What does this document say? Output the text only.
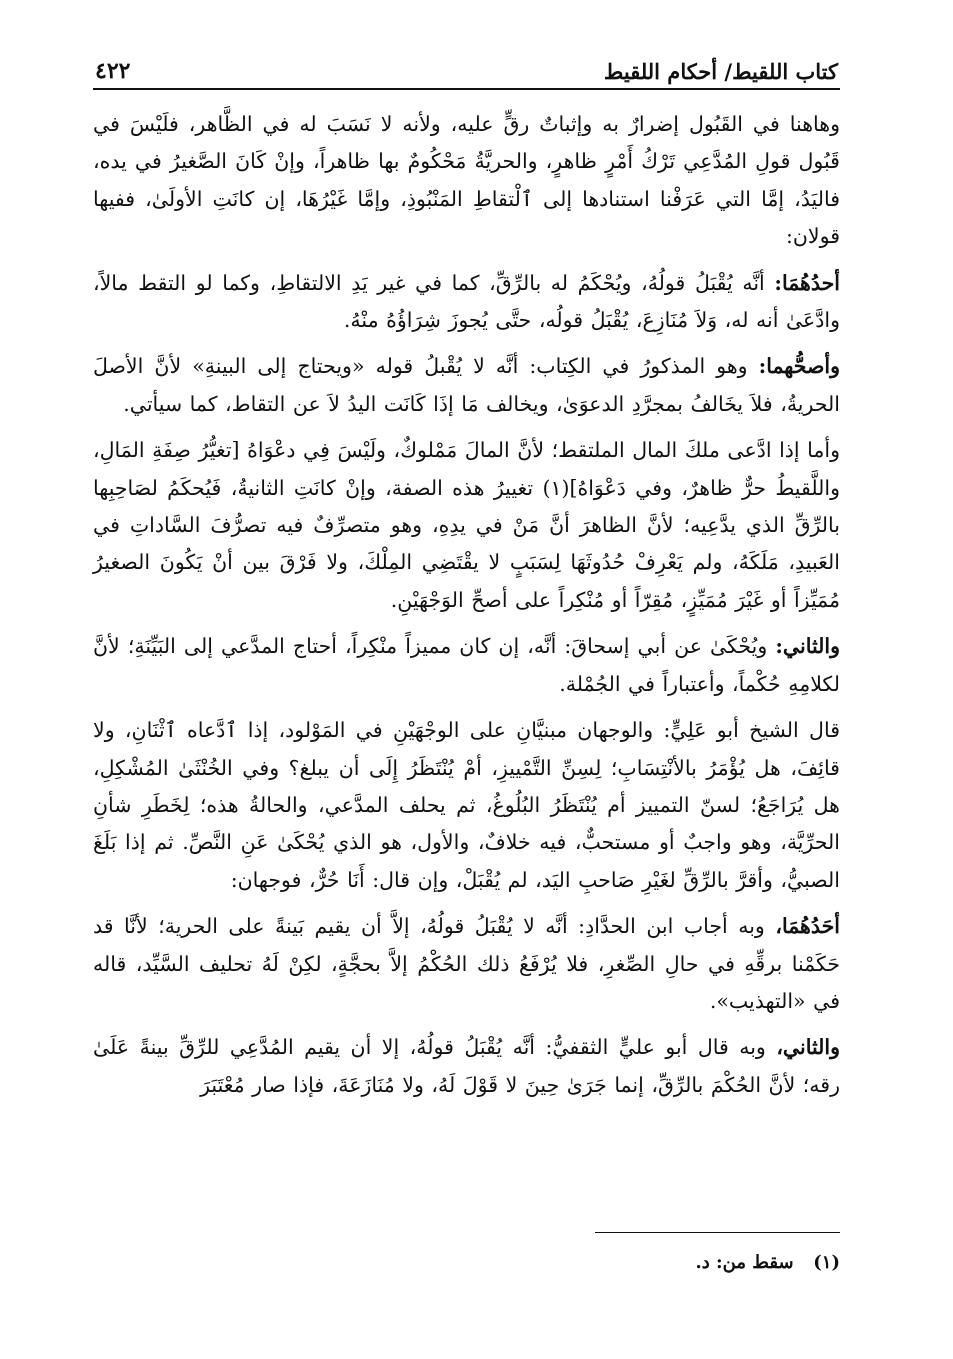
كتاب اللقيط/ أحكام اللقيط
٤٢٢

وهاهنا في القَبُول إضرارٌ به وإثباتٌ رقٍّ عليه، ولأنه لا نَسَبَ له في الظَّاهر، فلَيْسَ في قَبُول قولِ المُدَّعِي تَرْكُ أَمْرٍ ظاهرٍ، والحريَّةُ مَحْكُومٌ بها ظاهراً، وإنْ كَانَ الصَّغيرُ في يده، فاليَدُ، إمَّا التي عَرَفْنا استنادها إلى ٱلْتقاطِ المَنْبُوذِ، وإمَّا غَيْرُهَا، إن كانَتِ الأولَىٰ، ففيها قولان:

أحدُهُمَا: أنَّه يُقْبَلُ قولُهُ، ويُحْكَمُ له بالرِّقِّ، كما في غير يَدِ الالتقاطِ، وكما لو التقط مالاً، وادَّعَىٰ أنه له، وَلاَ مُنَازِعَ، يُقْبَلُ قولُه، حتَّى يُجوزَ شِرَاؤُهُ منْهُ.

وأصحُّهما: وهو المذكورُ في الكِتاب: أنَّه لا يُقْبلُ قوله «ويحتاج إلى البينةِ» لأنَّ الأصلَ الحريةُ، فلاَ يخَالفُ بمجرَّدِ الدعوَىٰ، ويخالف مَا إذَا كَانَت اليدُ لاَ عن التقاط، كما سيأتي.

وأما إذا ادَّعى ملكَ المال الملتقط؛ لأنَّ المالَ مَمْلوكٌ، ولَيْسَ فِي دعْوَاهُ [تغيُّرُ صِفَةِ المَالِ، واللَّقيطُ حرٌّ ظاهرٌ، وفي دَعْوَاهُ](١) تغييرُ هذه الصفة، وإنْ كانَتِ الثانيةُ، فَيُحكَمُ لصَاحِبِها بالرِّقِّ الذي يدَّعِيه؛ لأنَّ الظاهرَ أنَّ مَنْ في يدِهِ، وهو متصرِّفٌ فيه تصرُّفَ السَّاداتِ في العَبيدِ، مَلَكَهُ، ولم يَعْرِفْ حُدُوثَهَا لِسَبَبٍ لا يقْتَضِي المِلْكَ، ولا فَرْقَ بين أنْ يَكُونَ الصغيرُ مُمَيِّزاً أو غَيْرَ مُمَيِّزٍ، مُقِرّاً أو مُنْكِراً على أصحِّ الوَجْهَيْنِ.

والثاني: ويُحْكَىٰ عن أبي إسحاقَ: أنَّه، إن كان مميزاً منْكِراً، أحتاج المدَّعي إلى البَيِّنَةِ؛ لأنَّ لكلامِهِ حُكْماً، وأعتباراً في الجُمْلة.

قال الشيخ أبو عَلِيٍّ: والوجهان مبنيَّانِ على الوجْهَيْنِ في المَوْلود، إذا ٱدَّعاه ٱثْنَانِ، ولا قائِفَ، هل يُؤْمَرُ بالأنْتِسَابِ؛ لِسِنِّ التَّمْييزِ، أمْ يُنْتَظَرُ إِلَى أن يبلغ؟ وفي الخُنْثَىٰ المُشْكِلِ، هل يُرَاجَعُ؛ لسنّ التمييز أم يُنْتَظَرُ البُلُوغُ، ثم يحلف المدَّعي، والحالةُ هذه؛ لِخَطَرِ شأنِ الحرِّيَّة، وهو واجبٌ أو مستحبٌّ، فيه خلافٌ، والأول، هو الذي يُحْكَىٰ عَنِ النَّصِّ. ثم إذا بَلَغَ الصبيُّ، وأقرَّ بالرِّقِّ لغَيْرِ صَاحبِ اليَد، لم يُقْبَلْ، وإن قال: أَنَا حُرٌّ، فوجهان:

أحَدُهُمَا، وبه أجاب ابن الحدَّادِ: أنَّه لا يُقْبَلُ قولُهُ، إلاَّ أن يقيم بَينةً على الحرية؛ لأنَّا قد حَكَمْنا برقِّهِ في حالِ الصِّغرِ، فلا يُرْفَعُ ذلك الحُكْمُ إلاَّ بحجَّةٍ، لكِنْ لَهُ تحليف السَّيِّد، قاله في «التهذيب».

والثاني، وبه قال أبو عليٍّ الثقفيُّ: أنَّه يُقْبَلُ قولُهُ، إلا أن يقيم المُدَّعِي للرِّقِّ بينةً عَلَىٰ رقه؛ لأنَّ الحُكْمَ بالرِّقِّ، إنما جَرَىٰ حِينَ لا قَوْلَ لَهُ، ولا مُنَازَعَةَ، فإذا صار مُعْتَبَرَ

(١) سقط من: د.
